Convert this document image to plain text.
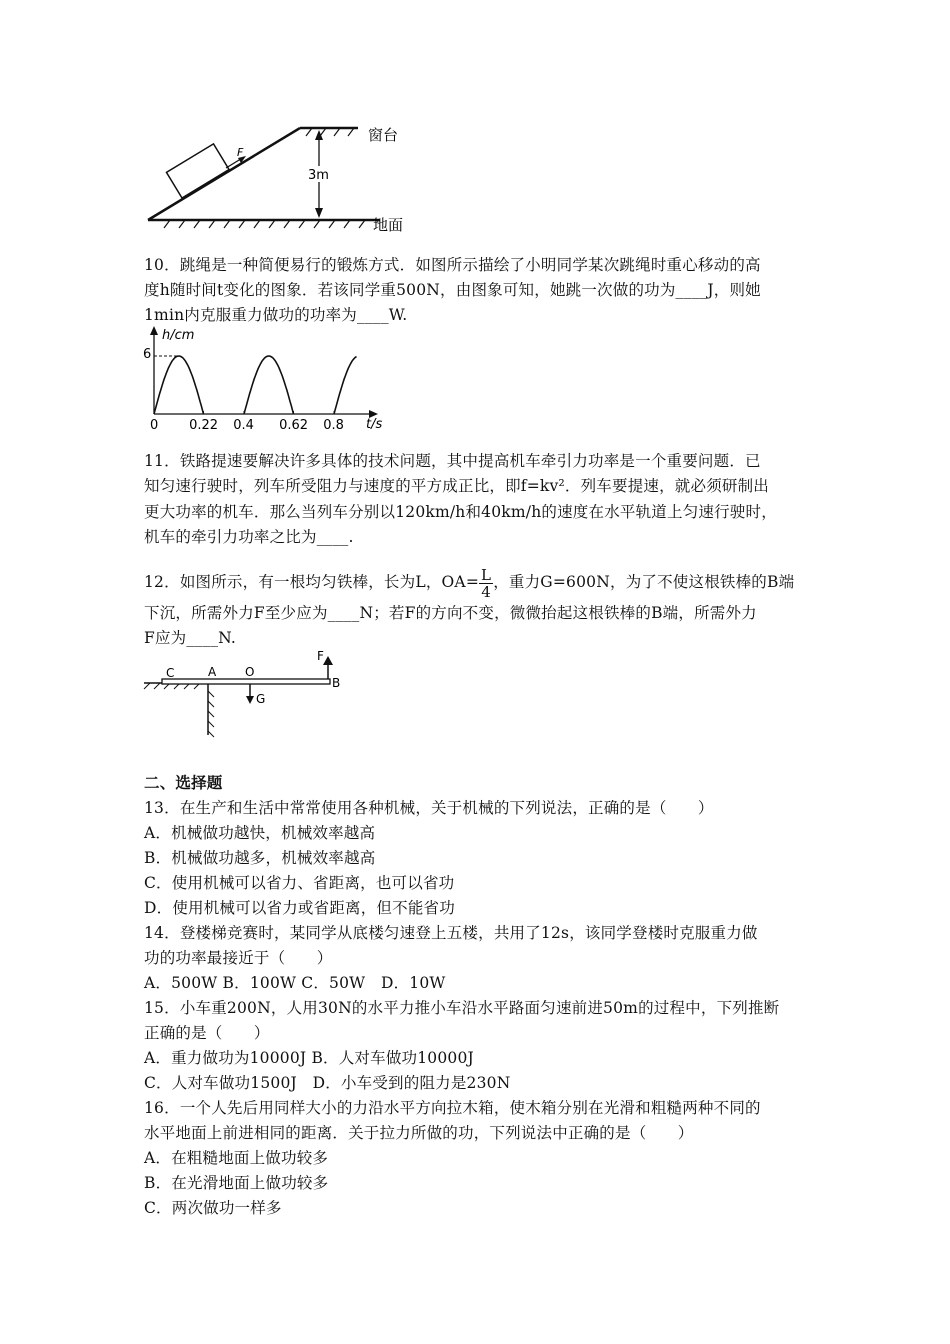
F
3m
窗台
地面
10．跳绳是一种简便易行的锻炼方式．如图所示描绘了小明同学某次跳绳时重心移动的高
度h随时间t变化的图象．若该同学重500N，由图象可知，她跳一次做的功为____J，则她
1min内克服重力做功的功率为____W.
h/cm
t/s
6
0 0.22 0.4 0.62 0.8
11．铁路提速要解决许多具体的技术问题，其中提高机车牵引力功率是一个重要问题．已
知匀速行驶时，列车所受阻力与速度的平方成正比，即f=kv²．列车要提速，就必须研制出
更大功率的机车．那么当列车分别以120km/h和40km/h的速度在水平轨道上匀速行驶时，
机车的牵引力功率之比为____.
12．如图所示，有一根均匀铁棒，长为L，$OA= \frac{L}{4}$ ，重力G=600N，为了不使这根铁棒的B端
下沉，所需外力F至少应为____N；若F的方向不变，微微抬起这根铁棒的B端，所需外力
F应为____N.
C	A O
F
B
G
二、选择题
13．在生产和生活中常常使用各种机械，关于机械的下列说法，正确的是（　　）
A．机械做功越快，机械效率越高
B．机械做功越多，机械效率越高
C．使用机械可以省力、省距离，也可以省功
D．使用机械可以省力或省距离，但不能省功
14．登楼梯竞赛时，某同学从底楼匀速登上五楼，共用了12s，该同学登楼时克服重力做
功的功率最接近于（　　）
A．500W B．100W C．50W　D．10W
15．小车重200N，人用30N的水平力推小车沿水平路面匀速前进50m的过程中，下列推断
正确的是（　　）
A．重力做功为10000J B．人对车做功10000J
C．人对车做功1500J　D．小车受到的阻力是230N
16．一个人先后用同样大小的力沿水平方向拉木箱，使木箱分别在光滑和粗糙两种不同的
水平地面上前进相同的距离．关于拉力所做的功，下列说法中正确的是（　　）
A．在粗糙地面上做功较多
B．在光滑地面上做功较多
C．两次做功一样多
